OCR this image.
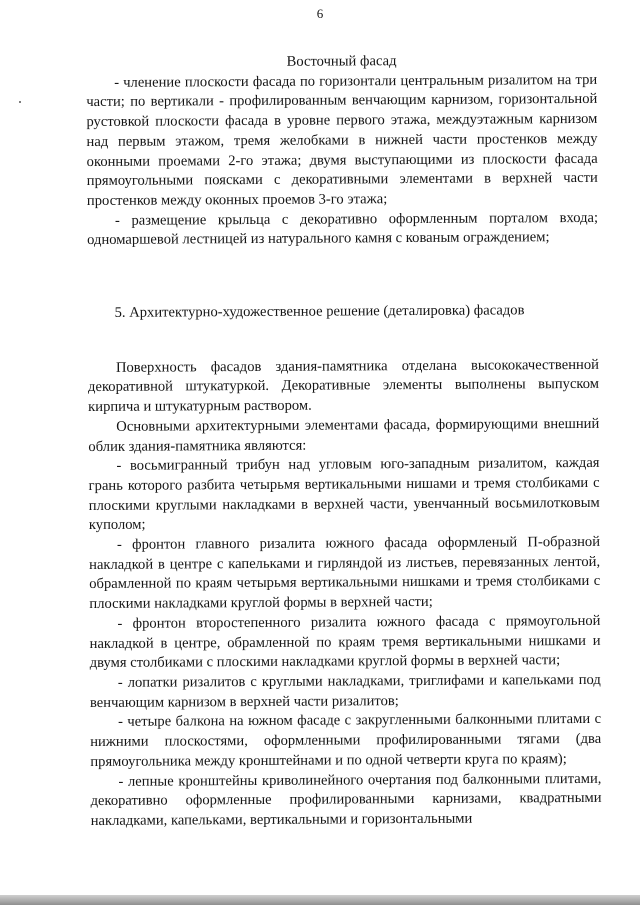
6
Восточный фасад

- членение плоскости фасада по горизонтали центральным ризалитом на три части; по вертикали - профилированным венчающим карнизом, горизонтальной рустовкой плоскости фасада в уровне первого этажа, междуэтажным карнизом над первым этажом, тремя желобками в нижней части простенков между оконными проемами 2-го этажа; двумя выступающими из плоскости фасада прямоугольными поясками с декоративными элементами в верхней части простенков между оконных проемов 3-го этажа;

- размещение крыльца с декоративно оформленным порталом входа; одномаршевой лестницей из натурального камня с кованым ограждением;

5. Архитектурно-художественное решение (деталировка) фасадов

Поверхность фасадов здания-памятника отделана высококачественной декоративной штукатуркой. Декоративные элементы выполнены выпуском кирпича и штукатурным раствором.

Основными архитектурными элементами фасада, формирующими внешний облик здания-памятника являются:

- восьмигранный трибун над угловым юго-западным ризалитом, каждая грань которого разбита четырьмя вертикальными нишами и тремя столбиками с плоскими круглыми накладками в верхней части, увенчанный восьмилотковым куполом;

- фронтон главного ризалита южного фасада оформленый П-образной накладкой в центре с капельками и гирляндой из листьев, перевязанных лентой, обрамленной по краям четырьмя вертикальными нишками и тремя столбиками с плоскими накладками круглой формы в верхней части;

- фронтон второстепенного ризалита южного фасада с прямоугольной накладкой в центре, обрамленной по краям тремя вертикальными нишками и двумя столбиками с плоскими накладками круглой формы в верхней части;

- лопатки ризалитов с круглыми накладками, триглифами и капельками под венчающим карнизом в верхней части ризалитов;

- четыре балкона на южном фасаде с закругленными балконными плитами с нижними плоскостями, оформленными профилированными тягами (два прямоугольника между кронштейнами и по одной четверти круга по краям);

- лепные кронштейны криволинейного очертания под балконными плитами, декоративно оформленные профилированными карнизами, квадратными накладками, капельками, вертикальными и горизонтальными
